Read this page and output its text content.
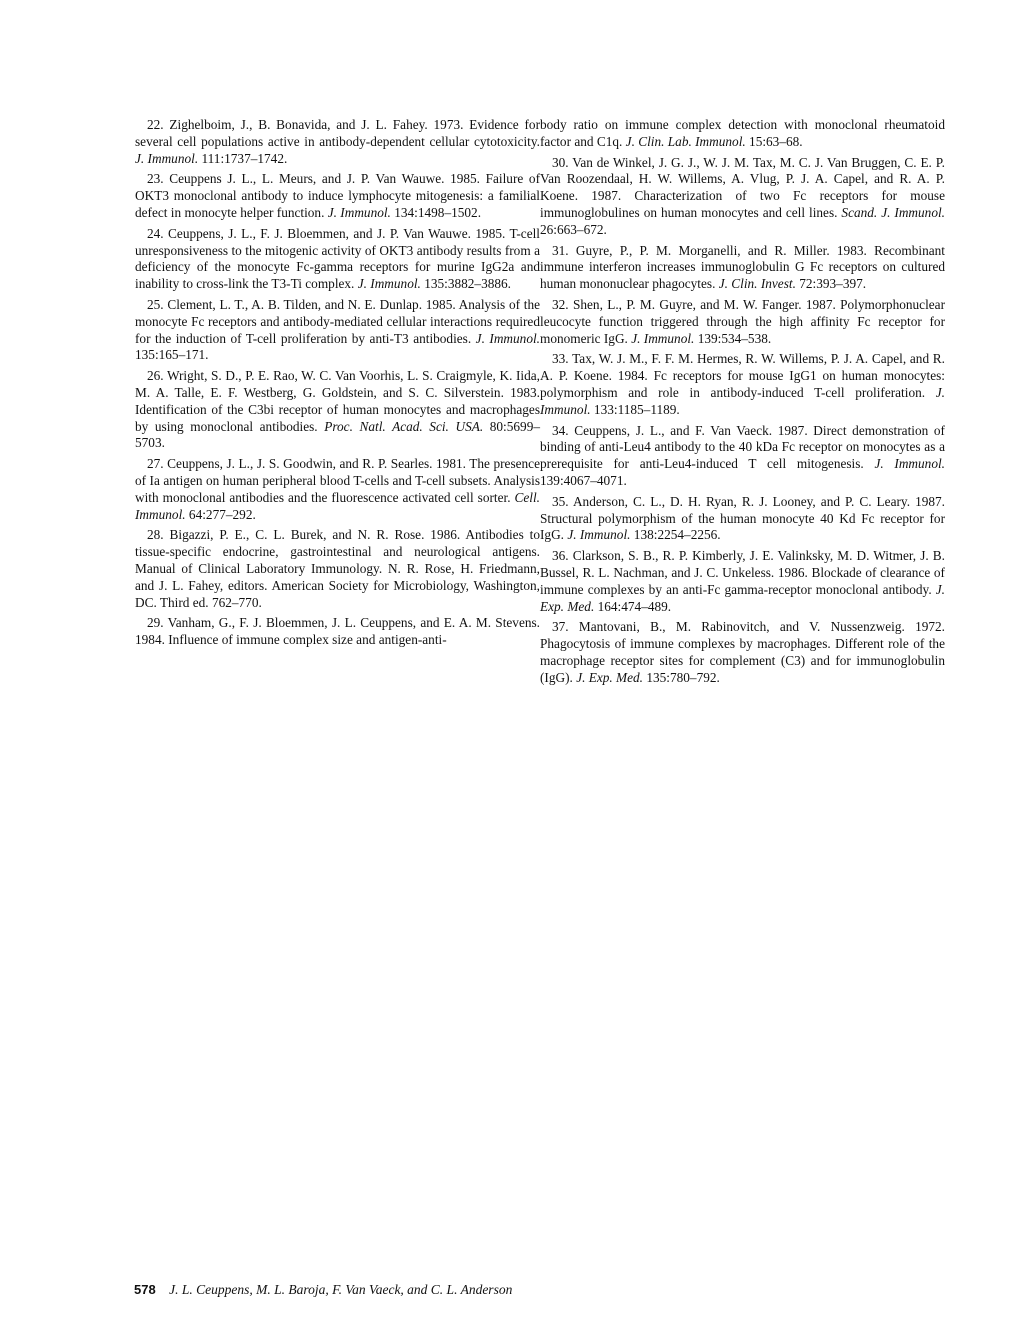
22. Zighelboim, J., B. Bonavida, and J. L. Fahey. 1973. Evidence for several cell populations active in antibody-dependent cellular cytotoxicity. J. Immunol. 111:1737–1742.

23. Ceuppens J. L., L. Meurs, and J. P. Van Wauwe. 1985. Failure of OKT3 monoclonal antibody to induce lymphocyte mitogenesis: a familial defect in monocyte helper function. J. Immunol. 134:1498–1502.

24. Ceuppens, J. L., F. J. Bloemmen, and J. P. Van Wauwe. 1985. T-cell unresponsiveness to the mitogenic activity of OKT3 antibody results from a deficiency of the monocyte Fc-gamma receptors for murine IgG2a and inability to cross-link the T3-Ti complex. J. Immunol. 135:3882–3886.

25. Clement, L. T., A. B. Tilden, and N. E. Dunlap. 1985. Analysis of the monocyte Fc receptors and antibody-mediated cellular interactions required for the induction of T-cell proliferation by anti-T3 antibodies. J. Immunol. 135:165–171.

26. Wright, S. D., P. E. Rao, W. C. Van Voorhis, L. S. Craigmyle, K. Iida, M. A. Talle, E. F. Westberg, G. Goldstein, and S. C. Silverstein. 1983. Identification of the C3bi receptor of human monocytes and macrophages by using monoclonal antibodies. Proc. Natl. Acad. Sci. USA. 80:5699–5703.

27. Ceuppens, J. L., J. S. Goodwin, and R. P. Searles. 1981. The presence of Ia antigen on human peripheral blood T-cells and T-cell subsets. Analysis with monoclonal antibodies and the fluorescence activated cell sorter. Cell. Immunol. 64:277–292.

28. Bigazzi, P. E., C. L. Burek, and N. R. Rose. 1986. Antibodies to tissue-specific endocrine, gastrointestinal and neurological antigens. Manual of Clinical Laboratory Immunology. N. R. Rose, H. Friedmann, and J. L. Fahey, editors. American Society for Microbiology, Washington, DC. Third ed. 762–770.

29. Vanham, G., F. J. Bloemmen, J. L. Ceuppens, and E. A. M. Stevens. 1984. Influence of immune complex size and antigen-anti-

body ratio on immune complex detection with monoclonal rheumatoid factor and C1q. J. Clin. Lab. Immunol. 15:63–68.

30. Van de Winkel, J. G. J., W. J. M. Tax, M. C. J. Van Bruggen, C. E. P. Van Roozendaal, H. W. Willems, A. Vlug, P. J. A. Capel, and R. A. P. Koene. 1987. Characterization of two Fc receptors for mouse immunoglobulines on human monocytes and cell lines. Scand. J. Immunol. 26:663–672.

31. Guyre, P., P. M. Morganelli, and R. Miller. 1983. Recombinant immune interferon increases immunoglobulin G Fc receptors on cultured human mononuclear phagocytes. J. Clin. Invest. 72:393–397.

32. Shen, L., P. M. Guyre, and M. W. Fanger. 1987. Polymorphonuclear leucocyte function triggered through the high affinity Fc receptor for monomeric IgG. J. Immunol. 139:534–538.

33. Tax, W. J. M., F. F. M. Hermes, R. W. Willems, P. J. A. Capel, and R. A. P. Koene. 1984. Fc receptors for mouse IgG1 on human monocytes: polymorphism and role in antibody-induced T-cell proliferation. J. Immunol. 133:1185–1189.

34. Ceuppens, J. L., and F. Van Vaeck. 1987. Direct demonstration of binding of anti-Leu4 antibody to the 40 kDa Fc receptor on monocytes as a prerequisite for anti-Leu4-induced T cell mitogenesis. J. Immunol. 139:4067–4071.

35. Anderson, C. L., D. H. Ryan, R. J. Looney, and P. C. Leary. 1987. Structural polymorphism of the human monocyte 40 Kd Fc receptor for IgG. J. Immunol. 138:2254–2256.

36. Clarkson, S. B., R. P. Kimberly, J. E. Valinksky, M. D. Witmer, J. B. Bussel, R. L. Nachman, and J. C. Unkeless. 1986. Blockade of clearance of immune complexes by an anti-Fc gamma-receptor monoclonal antibody. J. Exp. Med. 164:474–489.

37. Mantovani, B., M. Rabinovitch, and V. Nussenzweig. 1972. Phagocytosis of immune complexes by macrophages. Different role of the macrophage receptor sites for complement (C3) and for immunoglobulin (IgG). J. Exp. Med. 135:780–792.

578 J. L. Ceuppens, M. L. Baroja, F. Van Vaeck, and C. L. Anderson
